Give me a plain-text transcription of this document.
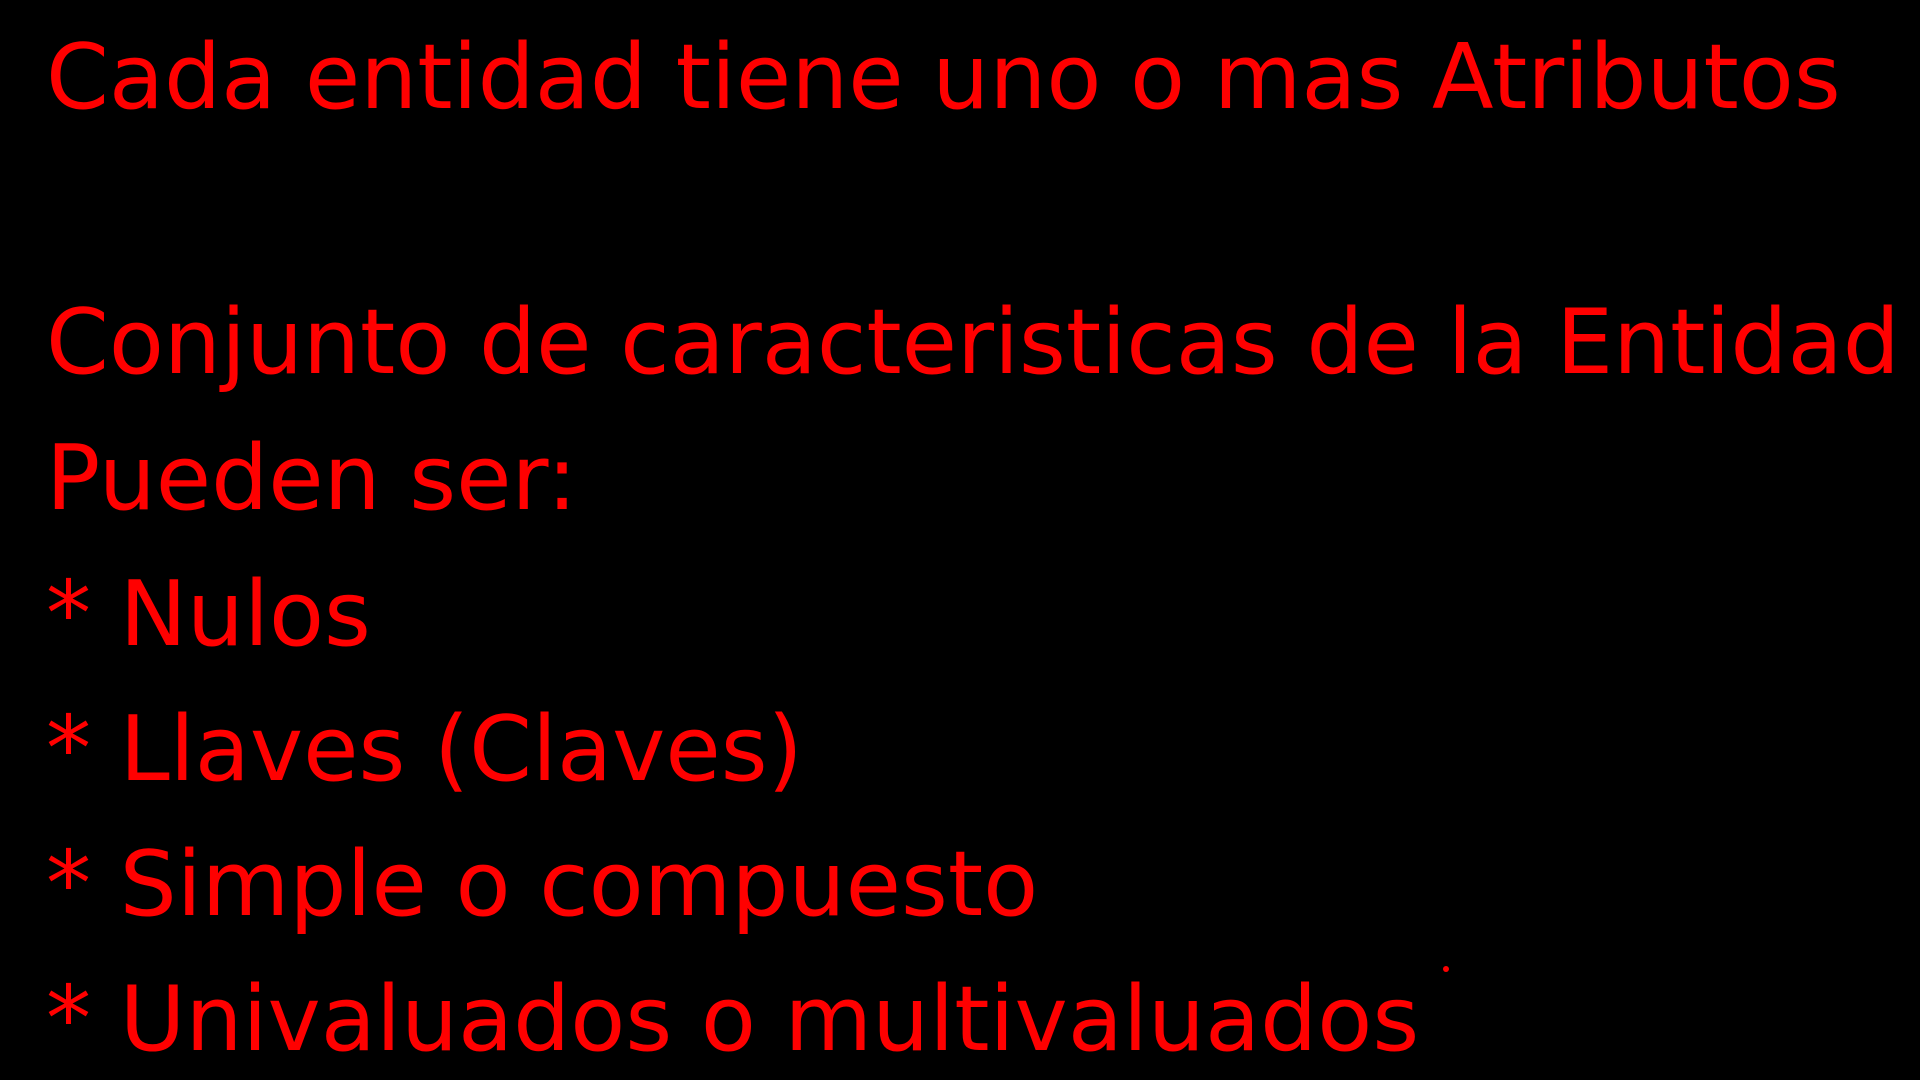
Cada entidad tiene uno o mas Atributos

Conjunto de caracteristicas de la Entidad

Pueden ser:

* Nulos
* Llaves (Claves)
* Simple o compuesto
* Univaluados o multivaluados
